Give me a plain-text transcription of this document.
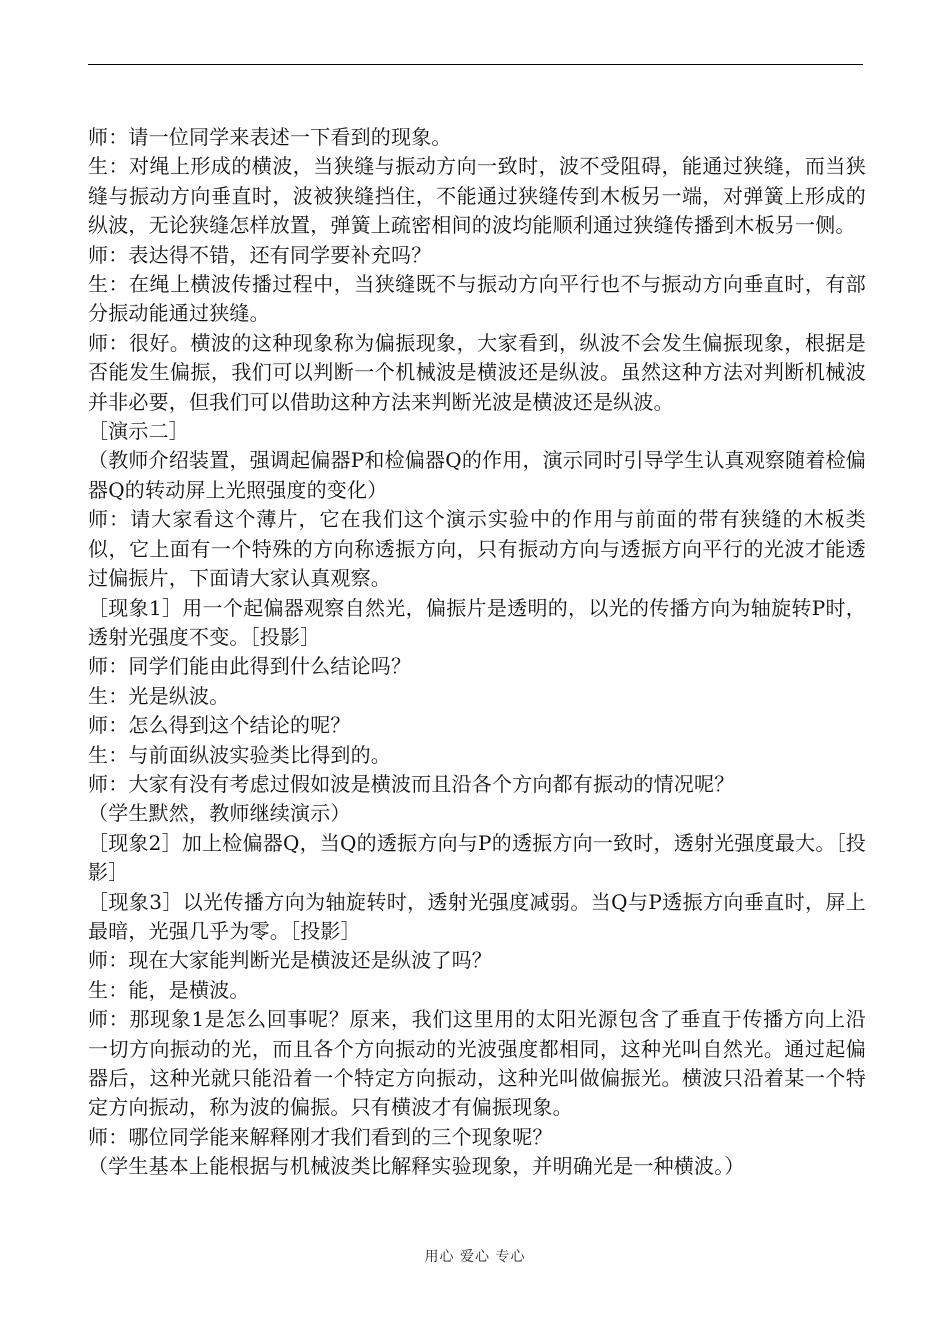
师：请一位同学来表述一下看到的现象。

生：对绳上形成的横波，当狭缝与振动方向一致时，波不受阻碍，能通过狭缝，而当狭缝与振动方向垂直时，波被狭缝挡住，不能通过狭缝传到木板另一端，对弹簧上形成的纵波，无论狭缝怎样放置，弹簧上疏密相间的波均能顺利通过狭缝传播到木板另一侧。

师：表达得不错，还有同学要补充吗？

生：在绳上横波传播过程中，当狭缝既不与振动方向平行也不与振动方向垂直时，有部分振动能通过狭缝。

师：很好。横波的这种现象称为偏振现象，大家看到，纵波不会发生偏振现象，根据是否能发生偏振，我们可以判断一个机械波是横波还是纵波。虽然这种方法对判断机械波并非必要，但我们可以借助这种方法来判断光波是横波还是纵波。

［演示二］

（教师介绍装置，强调起偏器P和检偏器Q的作用，演示同时引导学生认真观察随着检偏器Q的转动屏上光照强度的变化）

师：请大家看这个薄片，它在我们这个演示实验中的作用与前面的带有狭缝的木板类似，它上面有一个特殊的方向称透振方向，只有振动方向与透振方向平行的光波才能透过偏振片，下面请大家认真观察。

［现象1］用一个起偏器观察自然光，偏振片是透明的，以光的传播方向为轴旋转P时，透射光强度不变。［投影］

师：同学们能由此得到什么结论吗？

生：光是纵波。

师：怎么得到这个结论的呢？

生：与前面纵波实验类比得到的。

师：大家有没有考虑过假如波是横波而且沿各个方向都有振动的情况呢？

（学生默然，教师继续演示）

［现象2］加上检偏器Q，当Q的透振方向与P的透振方向一致时，透射光强度最大。［投影］

［现象3］以光传播方向为轴旋转时，透射光强度减弱。当Q与P透振方向垂直时，屏上最暗，光强几乎为零。［投影］

师：现在大家能判断光是横波还是纵波了吗？

生：能，是横波。

师：那现象1是怎么回事呢？原来，我们这里用的太阳光源包含了垂直于传播方向上沿一切方向振动的光，而且各个方向振动的光波强度都相同，这种光叫自然光。通过起偏器后，这种光就只能沿着一个特定方向振动，这种光叫做偏振光。横波只沿着某一个特定方向振动，称为波的偏振。只有横波才有偏振现象。

师：哪位同学能来解释刚才我们看到的三个现象呢？

（学生基本上能根据与机械波类比解释实验现象，并明确光是一种横波。）

用心 爱心 专心
